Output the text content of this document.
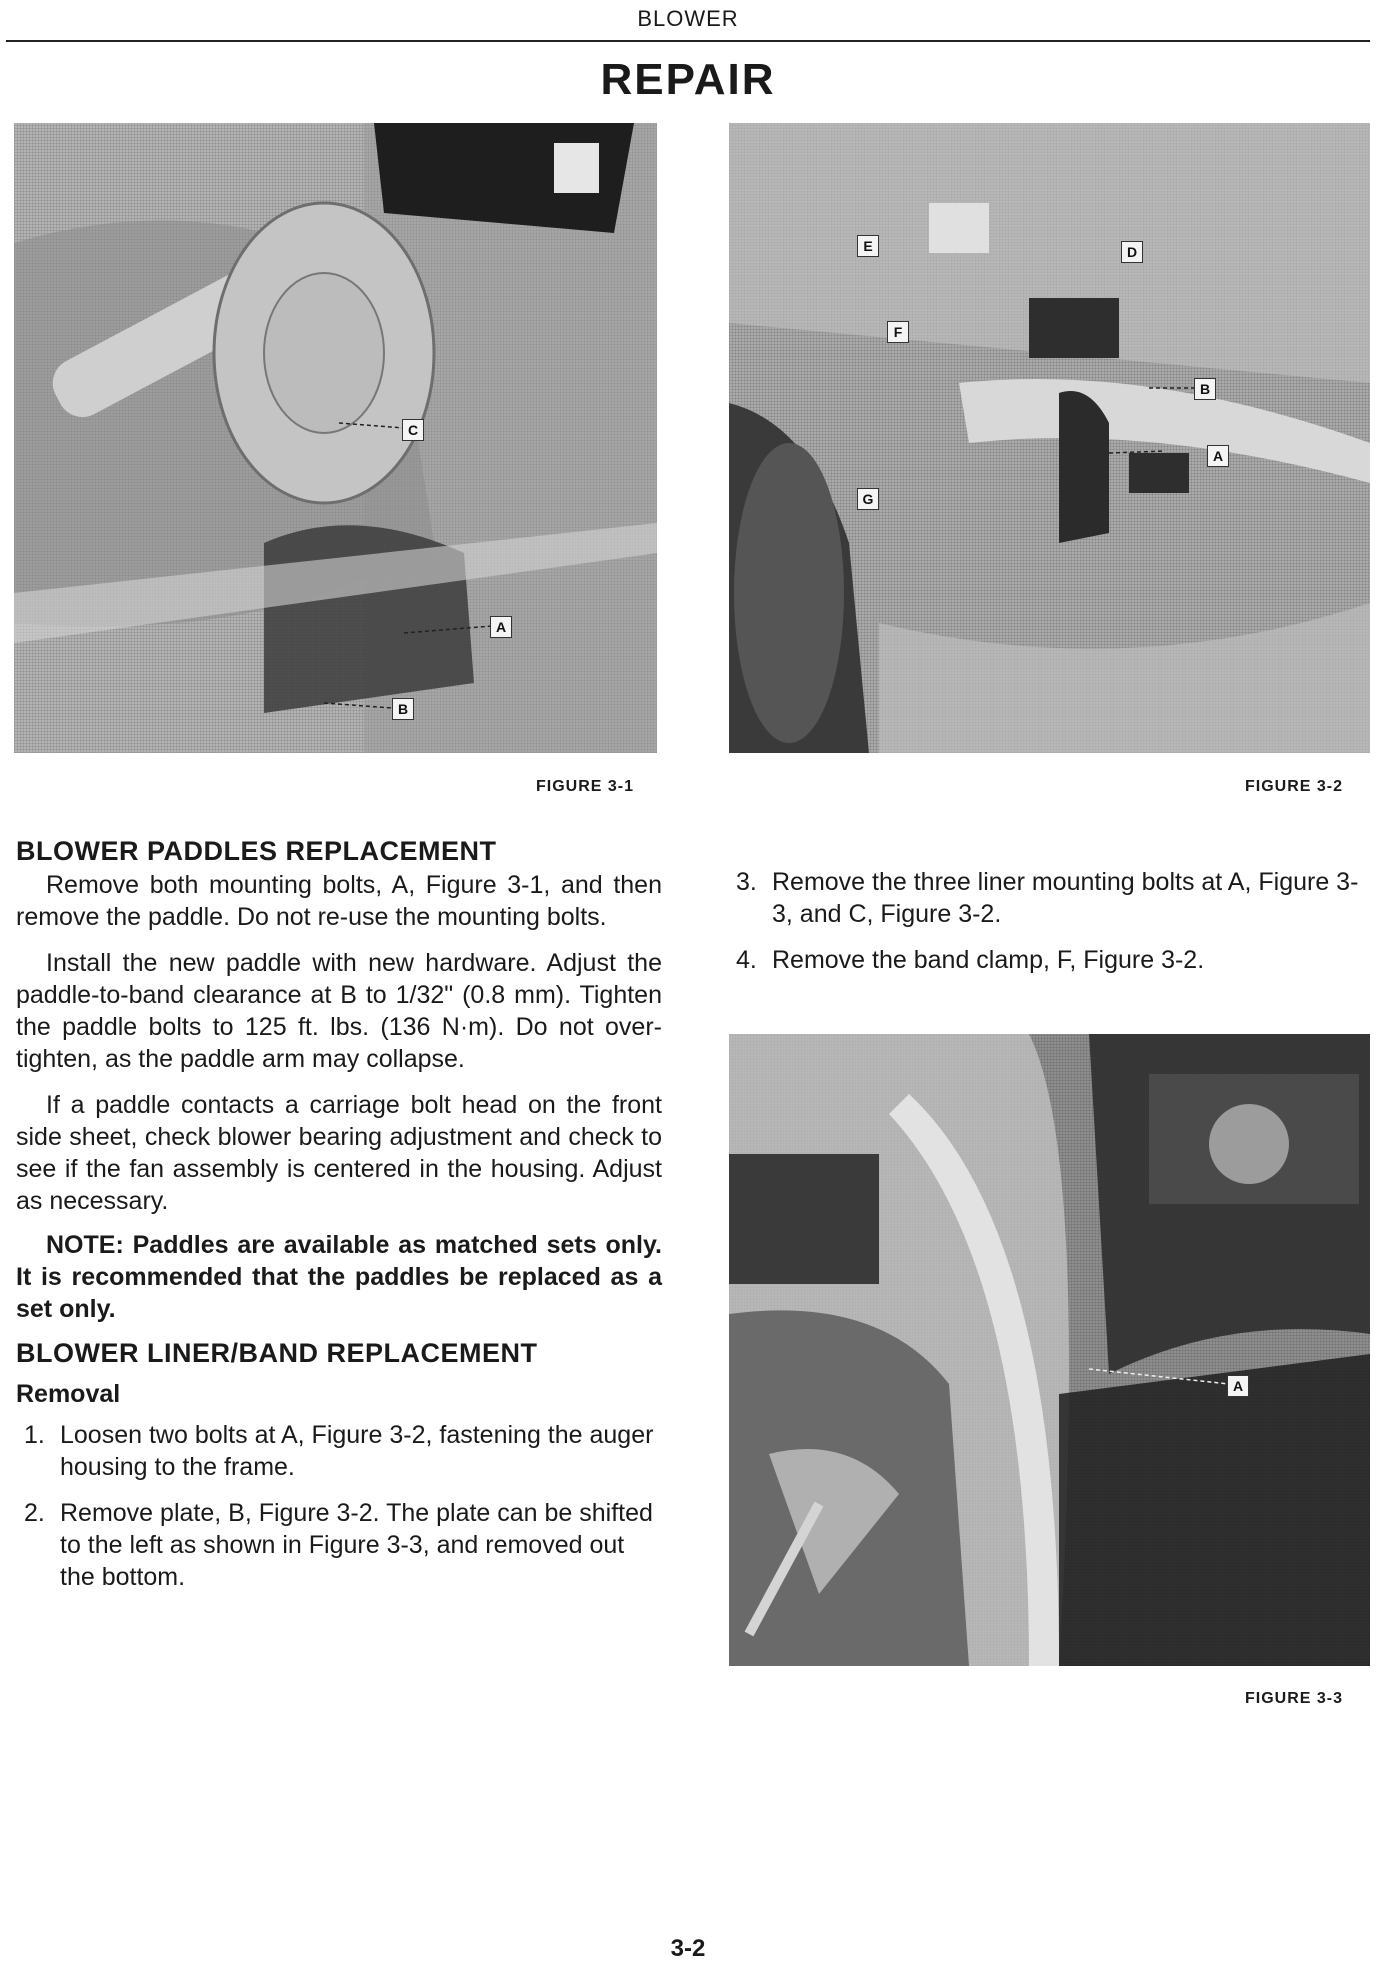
BLOWER
REPAIR
C
A
B
FIGURE 3-1
E
F
D
B
A
G
FIGURE 3-2
A
FIGURE 3-3
BLOWER PADDLES REPLACEMENT

Remove both mounting bolts, A, Figure 3-1, and then remove the paddle. Do not re-use the mounting bolts.

Install the new paddle with new hardware. Adjust the paddle-to-band clearance at B to 1/32" (0.8 mm). Tighten the paddle bolts to 125 ft. lbs. (136 N·m). Do not over-tighten, as the paddle arm may collapse.

If a paddle contacts a carriage bolt head on the front side sheet, check blower bearing adjustment and check to see if the fan assembly is centered in the housing. Adjust as necessary.

NOTE: Paddles are available as matched sets only. It is recommended that the paddles be replaced as a set only.

BLOWER LINER/BAND REPLACEMENT
Removal
1. Loosen two bolts at A, Figure 3-2, fastening the auger housing to the frame.
2. Remove plate, B, Figure 3-2. The plate can be shifted to the left as shown in Figure 3-3, and removed out the bottom.
3. Remove the three liner mounting bolts at A, Figure 3-3, and C, Figure 3-2.
4. Remove the band clamp, F, Figure 3-2.
3-2
